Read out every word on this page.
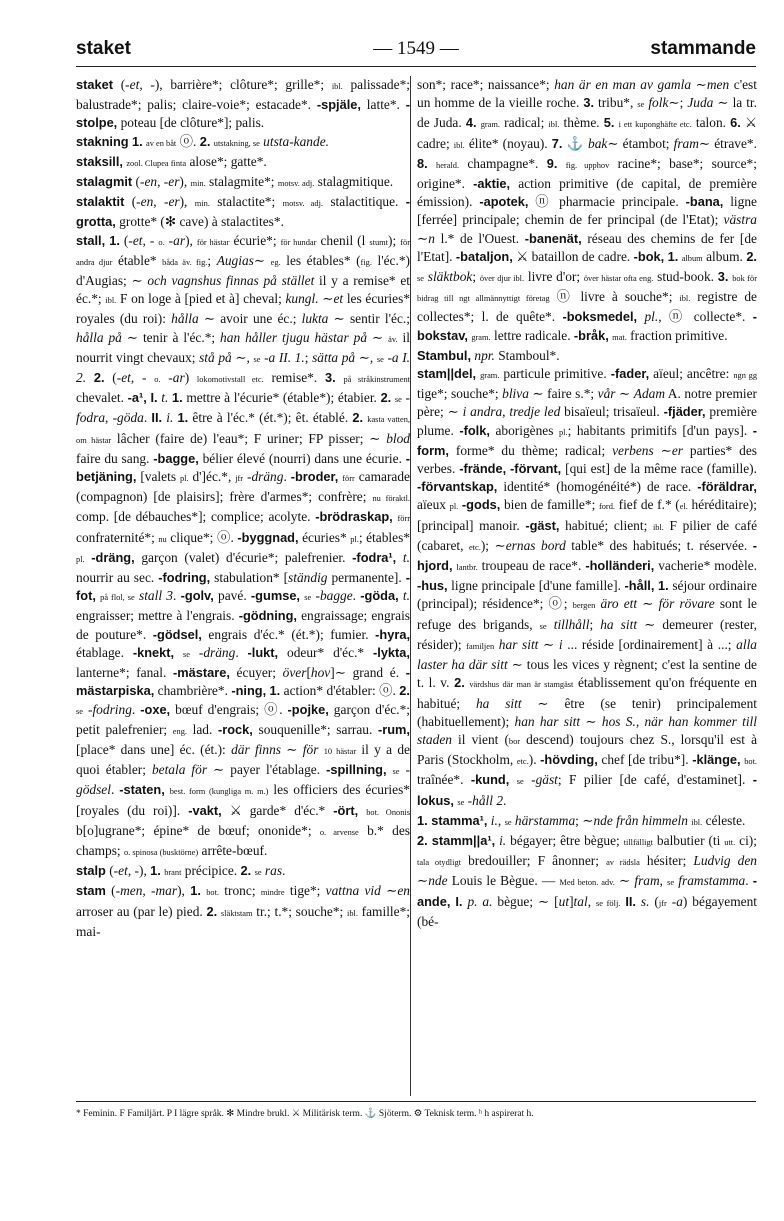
staket	— 1549 —	stammande

staket (-et, -), barrière*; clôture*; grille*; ibl. palissade*; balustrade*; palis; claire-voie*; estacade*. -spjäle, latte*. -stolpe, poteau [de clôture*]; palis.

stakning 1. av en båt ⓞ. 2. utstakning, se utsta-kande.

staksill, zool. Clupea finta alose*; gatte*.

stalagmit (-en, -er), min. stalagmite*; motsv. adj. stalagmitique.

stalaktit (-en, -er), min. stalactite*; motsv. adj. stalactitique. -grotta, grotte* (✻ cave) à stalactites*.

stall, 1. (-et, - o. -ar), för hästar écurie*; för hundar chenil (l stumt); för andra djur étable* båda äv. fig.; Augias∼ eg. les étables* (fig. l'éc.*) d'Augias; ∼ och vagnshus finnas på stället il y a remise* et éc.*; ibl. F on loge à [pied et à] cheval; kungl. ∼et les écuries* royales (du roi): hålla ∼ avoir une éc.; lukta ∼ sentir l'éc.; hålla på ∼ tenir à l'éc.*; han håller tjugu hästar på ∼ äv. il nourrit vingt chevaux; stå på ∼, se -a II. 1.; sätta på ∼, se -a I. 2. 2. (-et, - o. -ar) lokomotivstall etc. remise*. 3. på stråkinstrument chevalet. -a¹, I. t. 1. mettre à l'écurie* (étable*); étabier. 2. se -fodra, -göda. II. i. 1. être à l'éc.* (ét.*); êt. établé. 2. kasta vatten, om hästar lâcher (faire de) l'eau*; F uriner; FP pisser; ∼ blod faire du sang. -bagge, bélier élevé (nourri) dans une écurie. -betjäning, [valets pl. d']éc.*, jfr -dräng. -broder, förr camarade (compagnon) [de plaisirs]; frère d'armes*; confrère; nu föraktl. comp. [de débauches*]; complice; acolyte. -brödraskap, förr confraternité*; nu clique*; ⓞ. -byggnad, écuries* pl.; étables* pl. -dräng, garçon (valet) d'écurie*; palefrenier. -fodra¹, t. nourrir au sec. -fodring, stabulation* [ständig permanente]. -fot, på flol, se stall 3. -golv, pavé. -gumse, se -bagge. -göda, t. engraisser; mettre à l'engrais. -gödning, engraissage; engrais de pouture*. -gödsel, engrais d'éc.* (ét.*); fumier. -hyra, établage. -knekt, se -dräng. -lukt, odeur* d'éc.* -lykta, lanterne*; fanal. -mästare, écuyer; över[hov]∼ grand é. -mästarpiska, chambrière*. -ning, 1. action* d'établer: ⓞ. 2. se -fodring. -oxe, bœuf d'engrais; ⓞ. -pojke, garçon d'éc.*; petit palefrenier; eng. lad. -rock, souquenille*; sarrau. -rum, [place* dans une] éc. (ét.): där finns ∼ för 10 hästar il y a de quoi établer; betala för ∼ payer l'établage. -spillning, se -gödsel. -staten, best. form (kungliga m. m.) les officiers des écuries* [royales (du roi)]. -vakt, ⚔ garde* d'éc.* -ört, bot. Ononis b[o]ugrane*; épine* de bœuf; ononide*; o. arvense b.* des champs; o. spinosa (busktörne) arrête-bœuf.

stalp (-et, -), 1. brant précipice. 2. se ras.

stam (-men, -mar), 1. bot. tronc; mindre tige*; vattna vid ∼en arroser au (par le) pied. 2. släktstam tr.; t.*; souche*; ibl. famille*; mai-

son*; race*; naissance*; han är en man av gamla ∼men c'est un homme de la vieille roche. 3. tribu*, se folk∼; Juda ∼ la tr. de Juda. 4. gram. radical; ibl. thème. 5. i ett kuponghäfte etc. talon. 6. ⚔ cadre; ibl. élite* (noyau). 7. ⚓ bak∼ étambot; fram∼ étrave*. 8. herald. champagne*. 9. fig. upphov racine*; base*; source*; origine*. -aktie, action primitive (de capital, de première émission). -apotek, ⓝ pharmacie principale. -bana, ligne [ferrée] principale; chemin de fer principal (de l'Etat); västra ∼n l.* de l'Ouest. -banenät, réseau des chemins de fer [de l'Etat]. -bataljon, ⚔ bataillon de cadre. -bok, 1. album album. 2. se släktbok; över djur ibl. livre d'or; över hästar ofta eng. stud-book. 3. bok för bidrag till ngt allmännyttigt företag ⓝ livre à souche*; ibl. registre de collectes*; l. de quête*. -boksmedel, pl., ⓝ collecte*. -bokstav, gram. lettre radicale. -bråk, mat. fraction primitive.

Stambul, npr. Stamboul*.

stam||del, gram. particule primitive. -fader, aïeul; ancêtre: ngn gg tige*; souche*; bliva ∼ faire s.*; vår ∼ Adam A. notre premier père; ∼ i andra, tredje led bisaïeul; trisaïeul. -fjäder, première plume. -folk, aborigènes pl.; habitants primitifs [d'un pays]. -form, forme* du thème; radical; verbens ∼er parties* des verbes. -frände, -förvant, [qui est] de la même race (famille). -förvantskap, identité* (homogénéité*) de race. -föräldrar, aïeux pl. -gods, bien de famille*; ford. fief de f.* (el. héréditaire); [principal] manoir. -gäst, habitué; client; ibl. F pilier de café (cabaret, etc.); ∼ernas bord table* des habitués; t. réservée. -hjord, lantbr. troupeau de race*. -holländeri, vacherie* modèle. -hus, ligne principale [d'une famille]. -håll, 1. séjour ordinaire (principal); résidence*; ⓞ; bergen äro ett ∼ för rövare sont le refuge des brigands, se tillhåll; ha sitt ∼ demeurer (rester, résider); familjen har sitt ∼ i ... réside [ordinairement] à ...; alla laster ha där sitt ∼ tous les vices y règnent; c'est la sentine de t. l. v. 2. värdshus där man är stamgäst établissement qu'on fréquente en habitué; ha sitt ∼ être (se tenir) principalement (habituellement); han har sitt ∼ hos S., när han kommer till staden il vient (bor descend) toujours chez S., lorsqu'il est à Paris (Stockholm, etc.). -hövding, chef [de tribu*]. -klänge, bot. traînée*. -kund, se -gäst; F pilier [de café, d'estaminet]. -lokus, se -håll 2.

1. stamma¹, i., se härstamma; ∼nde från himmeln ibl. céleste.

2. stamm||a¹, i. bégayer; être bègue; tillfälligt balbutier (ti utt. ci); tala otydligt bredouiller; F ânonner; av rädsla hésiter; Ludvig den ∼nde Louis le Bègue. — Med beton. adv. ∼ fram, se framstamma. -ande, I. p. a. bègue; ∼ [ut]tal, se följ. II. s. (jfr -a) bégayement (bé-

* Feminin. F Familjärt. P I lägre språk. ✻ Mindre brukl. ⚔ Militärisk term. ⚓ Sjöterm. ⚙ Teknisk term. ʰ h aspirerat h.
